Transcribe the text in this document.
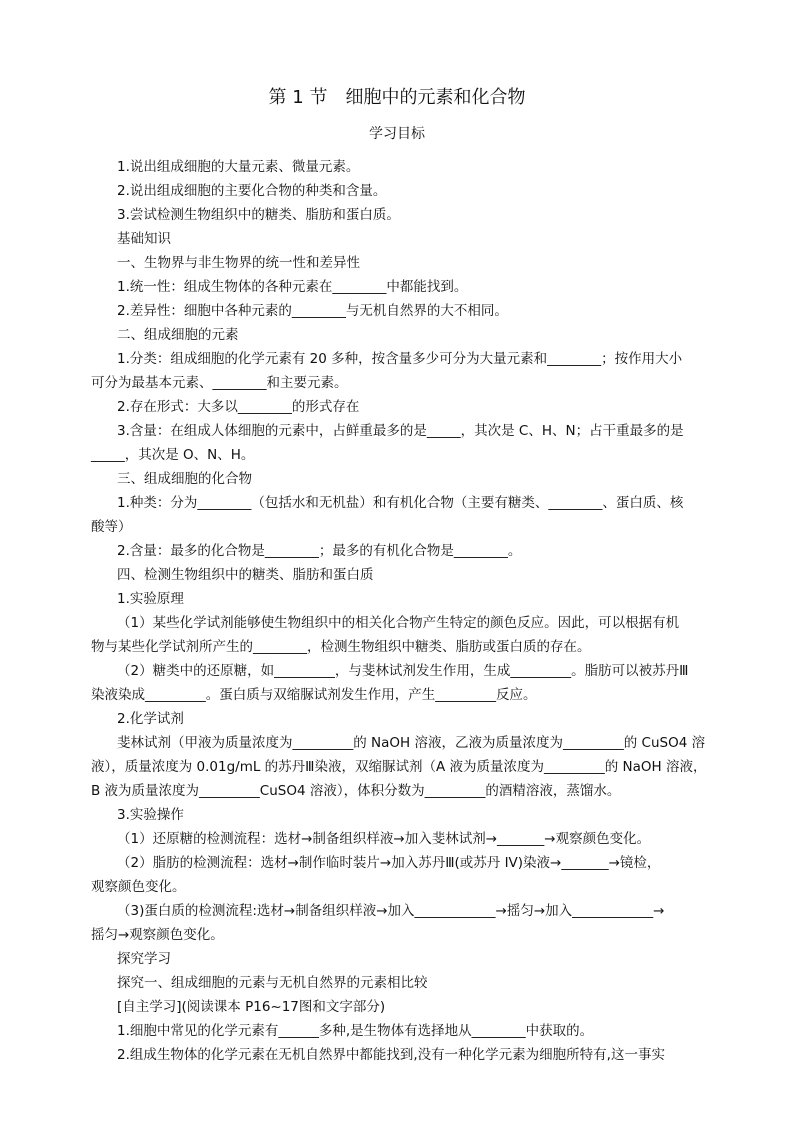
第 1 节　细胞中的元素和化合物
学习目标
1.说出组成细胞的大量元素、微量元素。
2.说出组成细胞的主要化合物的种类和含量。
3.尝试检测生物组织中的糖类、脂肪和蛋白质。
基础知识
一、生物界与非生物界的统一性和差异性
1.统一性：组成生物体的各种元素在________中都能找到。
2.差异性：细胞中各种元素的________与无机自然界的大不相同。
二、组成细胞的元素
1.分类：组成细胞的化学元素有 20 多种，按含量多少可分为大量元素和________；按作用大小
可分为最基本元素、________和主要元素。
2.存在形式：大多以________的形式存在
3.含量：在组成人体细胞的元素中，占鲜重最多的是_____，其次是 C、H、N；占干重最多的是
_____，其次是 O、N、H。
三、组成细胞的化合物
1.种类：分为________（包括水和无机盐）和有机化合物（主要有糖类、________、蛋白质、核
酸等）
2.含量：最多的化合物是________；最多的有机化合物是________。
四、检测生物组织中的糖类、脂肪和蛋白质
1.实验原理
（1）某些化学试剂能够使生物组织中的相关化合物产生特定的颜色反应。因此，可以根据有机
物与某些化学试剂所产生的________，检测生物组织中糖类、脂肪或蛋白质的存在。
（2）糖类中的还原糖，如_________，与斐林试剂发生作用，生成_________。脂肪可以被苏丹Ⅲ
染液染成_________。蛋白质与双缩脲试剂发生作用，产生_________反应。
2.化学试剂
斐林试剂（甲液为质量浓度为_________的 NaOH 溶液，乙液为质量浓度为_________的 CuSO4 溶
液），质量浓度为 0.01g/mL 的苏丹Ⅲ染液，双缩脲试剂（A 液为质量浓度为_________的 NaOH 溶液，
B 液为质量浓度为_________CuSO4 溶液），体积分数为_________的酒精溶液，蒸馏水。
3.实验操作
（1）还原糖的检测流程：选材→制备组织样液→加入斐林试剂→_______→观察颜色变化。
（2）脂肪的检测流程：选材→制作临时装片→加入苏丹Ⅲ(或苏丹 IV)染液→_______→镜检，
观察颜色变化。
（3)蛋白质的检测流程:选材→制备组织样液→加入____________→摇匀→加入____________→
摇匀→观察颜色变化。
探究学习
探究一、组成细胞的元素与无机自然界的元素相比较
[自主学习](阅读课本 P16~17图和文字部分)
1.细胞中常见的化学元素有______多种,是生物体有选择地从________中获取的。
2.组成生物体的化学元素在无机自然界中都能找到,没有一种化学元素为细胞所特有,这一事实
